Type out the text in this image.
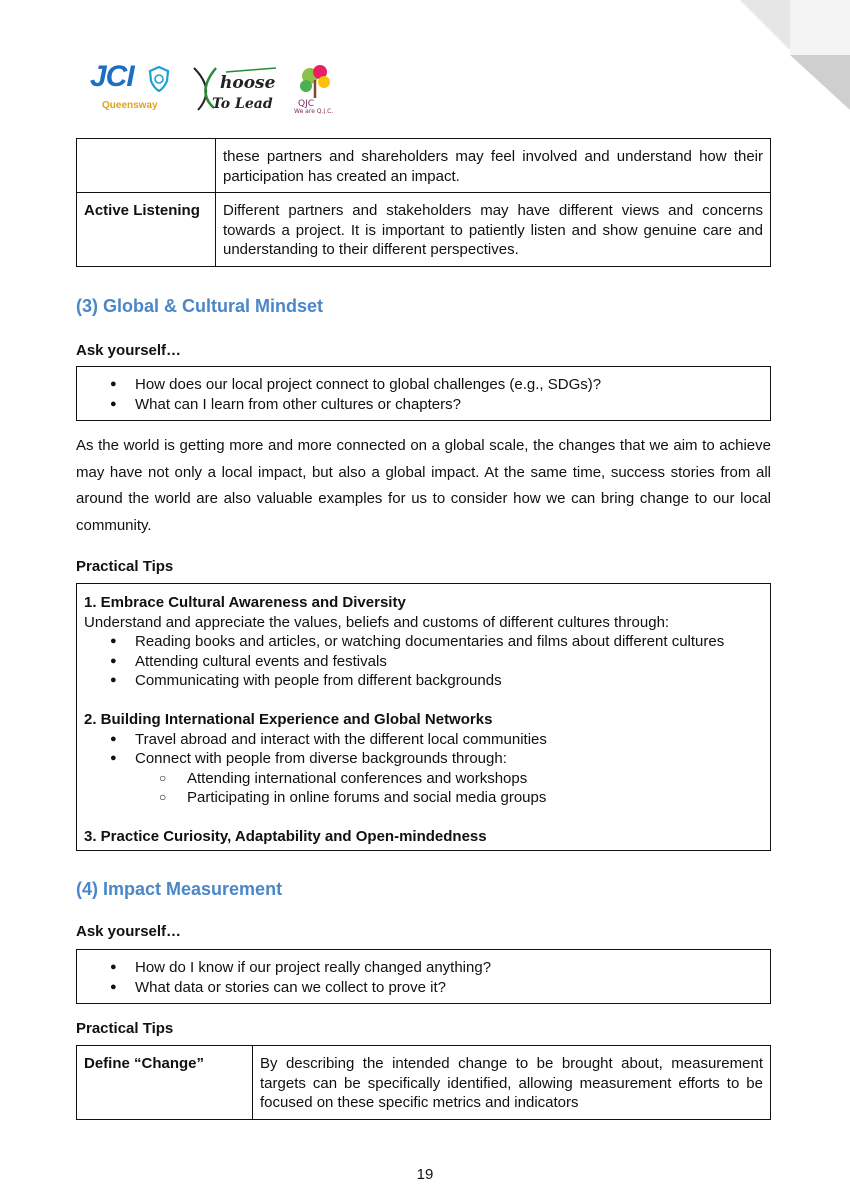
JCI
Queensway
hoose
To Lead	QJC
We are Q.J.C.
	these partners and shareholders may feel involved and understand how their participation has created an impact.
Active Listening	Different partners and stakeholders may have different views and concerns towards a project. It is important to patiently listen and show genuine care and understanding to their different perspectives.
(3) Global & Cultural Mindset
Ask yourself…
● How does our local project connect to global challenges (e.g., SDGs)?
● What can I learn from other cultures or chapters?
As the world is getting more and more connected on a global scale, the changes that we aim to achieve may have not only a local impact, but also a global impact. At the same time, success stories from all around the world are also valuable examples for us to consider how we can bring change to our local community.
Practical Tips
1. Embrace Cultural Awareness and Diversity
Understand and appreciate the values, beliefs and customs of different cultures through:
● Reading books and articles, or watching documentaries and films about different cultures
● Attending cultural events and festivals
● Communicating with people from different backgrounds
2. Building International Experience and Global Networks
● Travel abroad and interact with the different local communities
● Connect with people from diverse backgrounds through:
○ Attending international conferences and workshops
○ Participating in online forums and social media groups
3. Practice Curiosity, Adaptability and Open-mindedness
(4) Impact Measurement
Ask yourself…
● How do I know if our project really changed anything?
● What data or stories can we collect to prove it?
Practical Tips
Define “Change”	By describing the intended change to be brought about, measurement targets can be specifically identified, allowing measurement efforts to be focused on these specific metrics and indicators
19
